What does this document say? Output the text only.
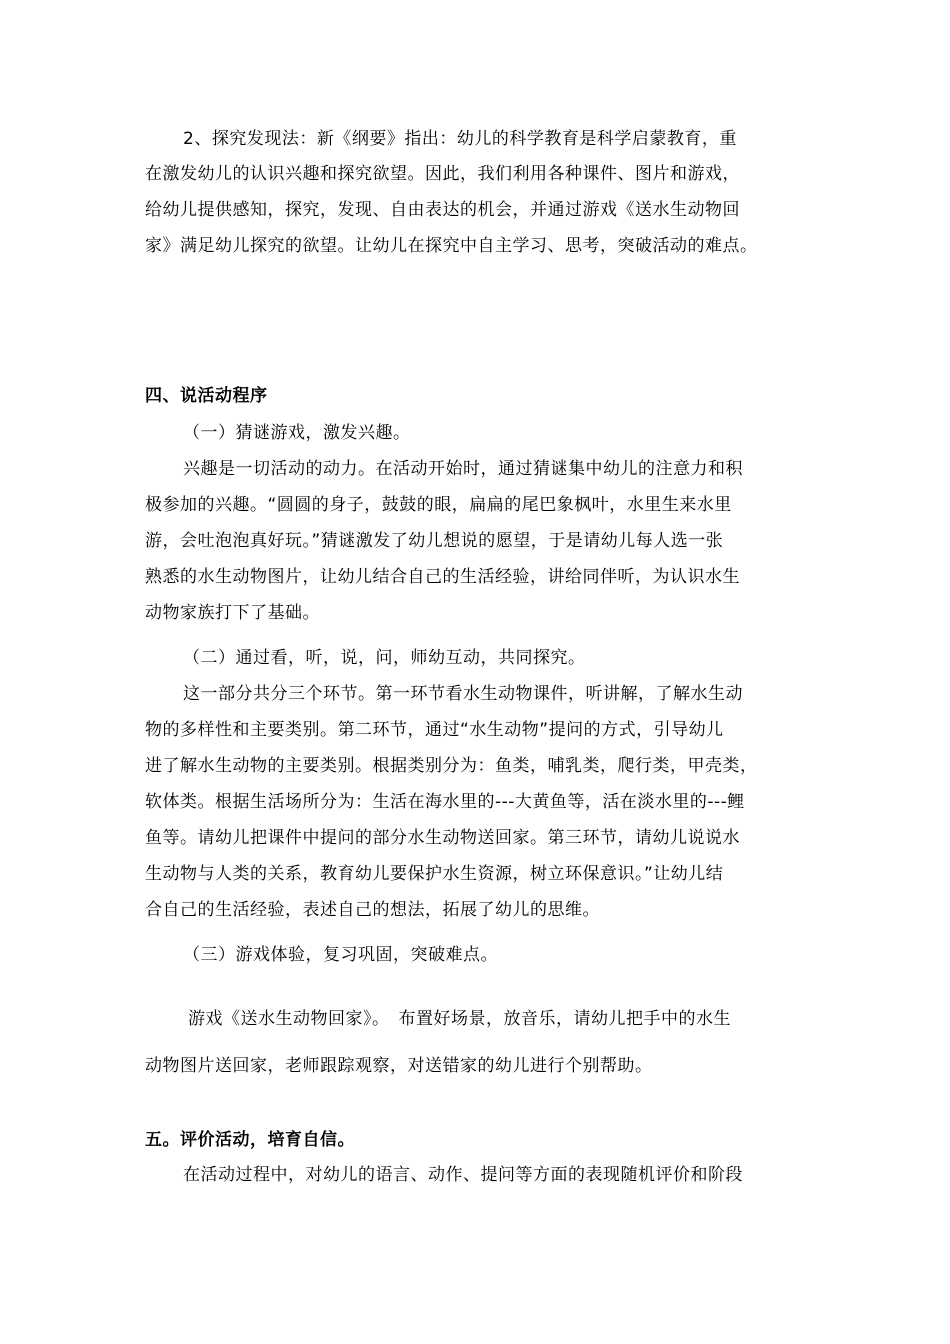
2、探究发现法：新《纲要》指出：幼儿的科学教育是科学启蒙教育，重
在激发幼儿的认识兴趣和探究欲望。因此，我们利用各种课件、图片和游戏，
给幼儿提供感知，探究，发现、自由表达的机会，并通过游戏《送水生动物回
家》满足幼儿探究的欲望。让幼儿在探究中自主学习、思考，突破活动的难点。
四、说活动程序
（一）猜谜游戏，激发兴趣。
兴趣是一切活动的动力。在活动开始时，通过猜谜集中幼儿的注意力和积
极参加的兴趣。“圆圆的身子，鼓鼓的眼，扁扁的尾巴象枫叶，水里生来水里
游，会吐泡泡真好玩。”猜谜激发了幼儿想说的愿望，于是请幼儿每人选一张
熟悉的水生动物图片，让幼儿结合自己的生活经验，讲给同伴听，为认识水生
动物家族打下了基础。
（二）通过看，听，说，问，师幼互动，共同探究。
这一部分共分三个环节。第一环节看水生动物课件，听讲解，了解水生动
物的多样性和主要类别。第二环节，通过“水生动物”提问的方式，引导幼儿
进了解水生动物的主要类别。根据类别分为：鱼类，哺乳类，爬行类，甲壳类，
软体类。根据生活场所分为：生活在海水里的---大黄鱼等，活在淡水里的---鲤
鱼等。请幼儿把课件中提问的部分水生动物送回家。第三环节，请幼儿说说水
生动物与人类的关系，教育幼儿要保护水生资源，树立环保意识。”让幼儿结
合自己的生活经验，表述自己的想法，拓展了幼儿的思维。
（三）游戏体验，复习巩固，突破难点。
游戏《送水生动物回家》。　布置好场景，放音乐，请幼儿把手中的水生
动物图片送回家，老师跟踪观察，对送错家的幼儿进行个别帮助。
五。评价活动，培育自信。
在活动过程中，对幼儿的语言、动作、提问等方面的表现随机评价和阶段
